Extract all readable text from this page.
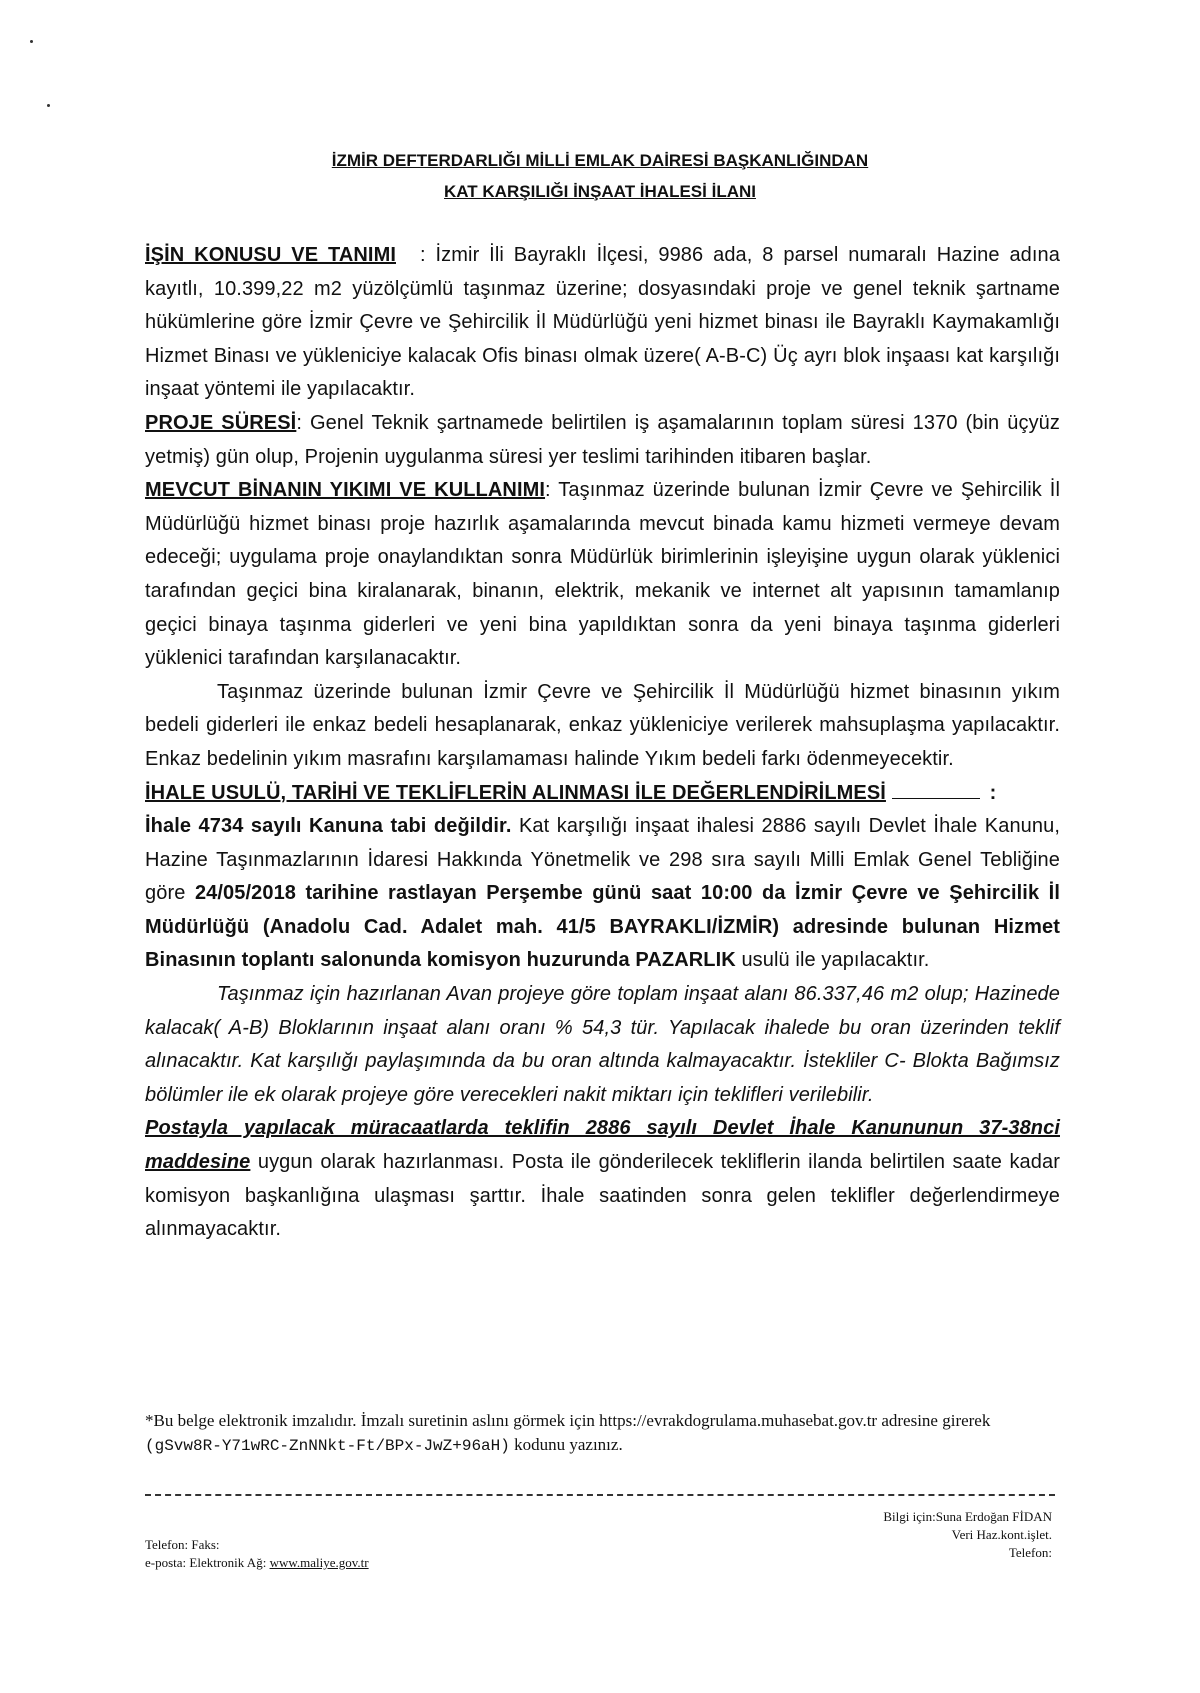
İZMİR DEFTERDARLIĞI MİLLİ EMLAK DAİRESİ BAŞKANLIĞINDAN
KAT KARŞILIĞI İNŞAAT İHALESİ İLANI

İŞİN KONUSU VE TANIMI : İzmir İli Bayraklı İlçesi, 9986 ada, 8 parsel numaralı Hazine adına kayıtlı, 10.399,22 m2 yüzölçümlü taşınmaz üzerine; dosyasındaki proje ve genel teknik şartname hükümlerine göre İzmir Çevre ve Şehircilik İl Müdürlüğü yeni hizmet binası ile Bayraklı Kaymakamlığı Hizmet Binası ve yükleniciye kalacak Ofis binası olmak üzere( A-B-C) Üç ayrı blok inşaası kat karşılığı inşaat yöntemi ile yapılacaktır.

PROJE SÜRESİ: Genel Teknik şartnamede belirtilen iş aşamalarının toplam süresi 1370 (bin üçyüz yetmiş) gün olup, Projenin uygulanma süresi yer teslimi tarihinden itibaren başlar.

MEVCUT BİNANIN YIKIMI VE KULLANIMI: Taşınmaz üzerinde bulunan İzmir Çevre ve Şehircilik İl Müdürlüğü hizmet binası proje hazırlık aşamalarında mevcut binada kamu hizmeti vermeye devam edeceği; uygulama proje onaylandıktan sonra Müdürlük birimlerinin işleyişine uygun olarak yüklenici tarafından geçici bina kiralanarak, binanın, elektrik, mekanik ve internet alt yapısının tamamlanıp geçici binaya taşınma giderleri ve yeni bina yapıldıktan sonra da yeni binaya taşınma giderleri yüklenici tarafından karşılanacaktır.

Taşınmaz üzerinde bulunan İzmir Çevre ve Şehircilik İl Müdürlüğü hizmet binasının yıkım bedeli giderleri ile enkaz bedeli hesaplanarak, enkaz yükleniciye verilerek mahsuplaşma yapılacaktır. Enkaz bedelinin yıkım masrafını karşılamaması halinde Yıkım bedeli farkı ödenmeyecektir.

İHALE USULÜ, TARİHİ VE TEKLİFLERİN ALINMASI İLE DEĞERLENDİRİLMESİ	:

İhale 4734 sayılı Kanuna tabi değildir. Kat karşılığı inşaat ihalesi 2886 sayılı Devlet İhale Kanunu, Hazine Taşınmazlarının İdaresi Hakkında Yönetmelik ve 298 sıra sayılı Milli Emlak Genel Tebliğine göre 24/05/2018 tarihine rastlayan Perşembe günü saat 10:00 da İzmir Çevre ve Şehircilik İl Müdürlüğü (Anadolu Cad. Adalet mah. 41/5 BAYRAKLI/İZMİR) adresinde bulunan Hizmet Binasının toplantı salonunda komisyon huzurunda PAZARLIK usulü ile yapılacaktır.

Taşınmaz için hazırlanan Avan projeye göre toplam inşaat alanı 86.337,46 m2 olup; Hazinede kalacak( A-B) Bloklarının inşaat alanı oranı % 54,3 tür. Yapılacak ihalede bu oran üzerinden teklif alınacaktır. Kat karşılığı paylaşımında da bu oran altında kalmayacaktır. İstekliler C- Blokta Bağımsız bölümler ile ek olarak projeye göre verecekleri nakit miktarı için teklifleri verilebilir.

Postayla yapılacak müracaatlarda teklifin 2886 sayılı Devlet İhale Kanununun 37-38nci maddesine uygun olarak hazırlanması. Posta ile gönderilecek tekliflerin ilanda belirtilen saate kadar komisyon başkanlığına ulaşması şarttır. İhale saatinden sonra gelen teklifler değerlendirmeye alınmayacaktır.

*Bu belge elektronik imzalıdır. İmzalı suretinin aslını görmek için https://evrakdogrulama.muhasebat.gov.tr adresine girerek (gSvw8R-Y71wRC-ZnNNkt-Ft/BPx-JwZ+96aH) kodunu yazınız.
Bilgi için:Suna Erdoğan FİDAN
Veri Haz.kont.işlet.
Telefon:
Telefon: Faks:
e-posta: Elektronik Ağ: www.maliye.gov.tr
